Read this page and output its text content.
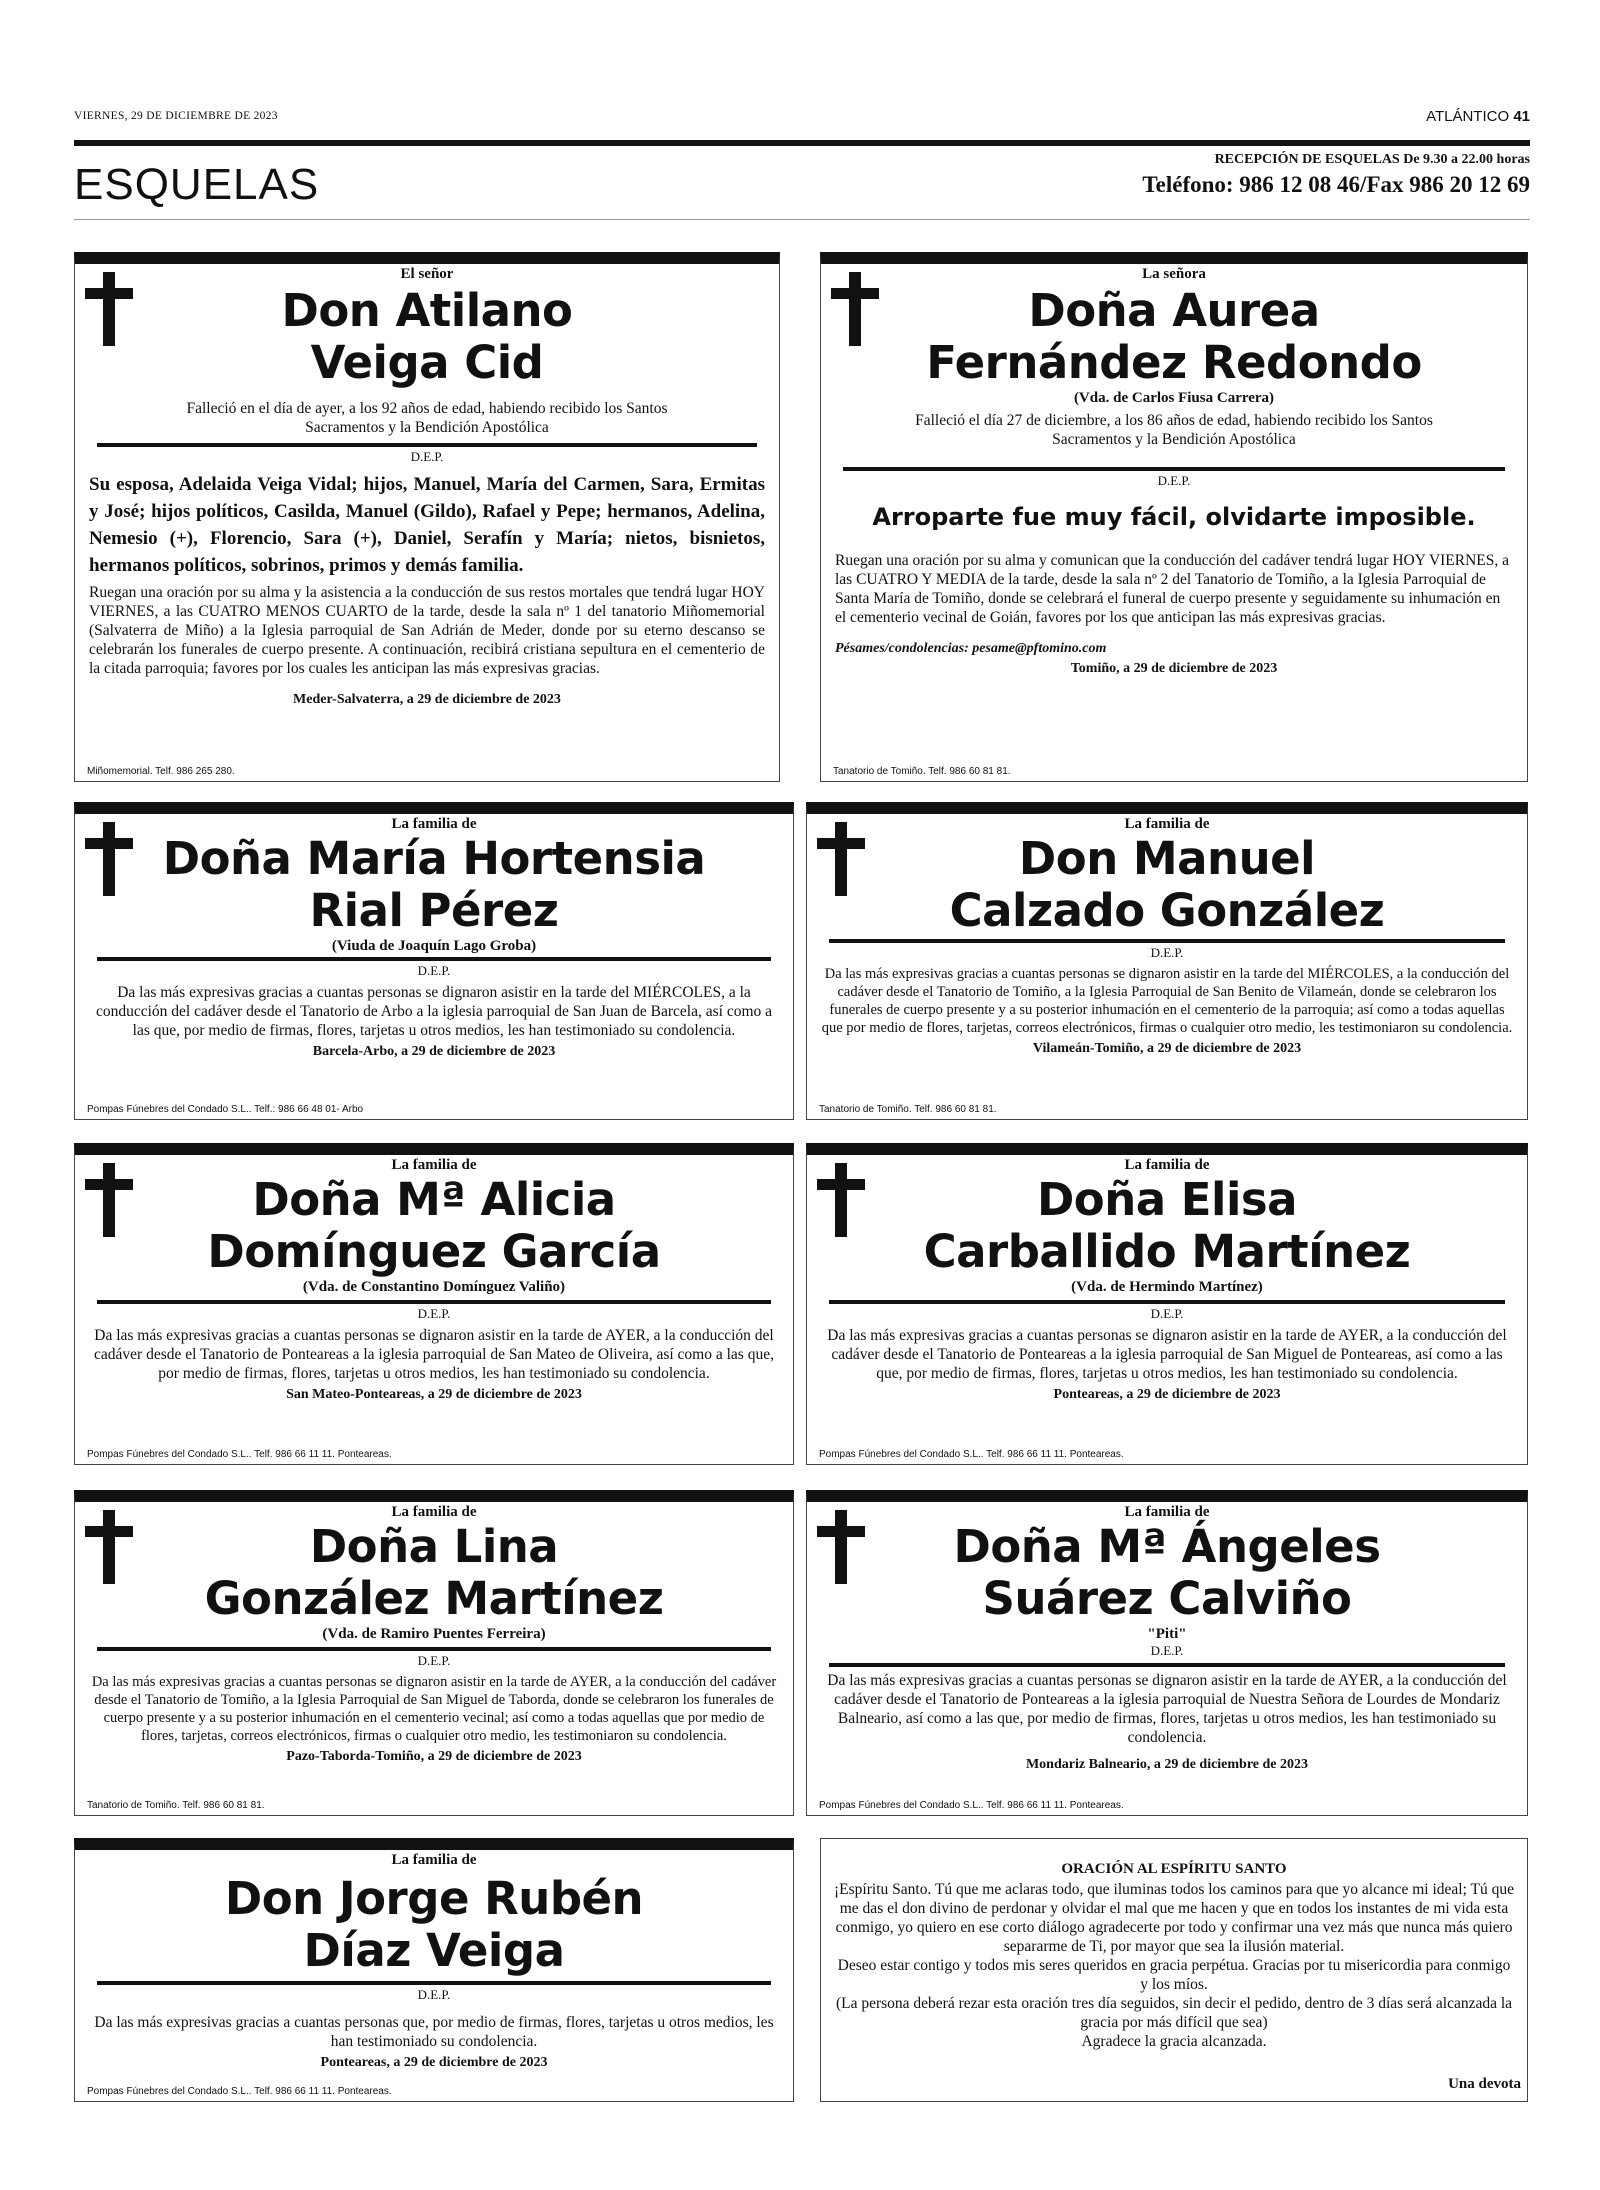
VIERNES, 29 DE DICIEMBRE DE 2023	ATLÁNTICO 41
ESQUELAS
RECEPCIÓN DE ESQUELAS De 9.30 a 22.00 horas
Teléfono: 986 12 08 46/Fax 986 20 12 69
El señor
Don Atilano
Veiga Cid
Falleció en el día de ayer, a los 92 años de edad, habiendo recibido los Santos Sacramentos y la Bendición Apostólica
D.E.P.
Su esposa, Adelaida Veiga Vidal; hijos, Manuel, María del Carmen, Sara, Ermitas y José; hijos políticos, Casilda, Manuel (Gildo), Rafael y Pepe; hermanos, Adelina, Nemesio (+), Florencio, Sara (+), Daniel, Serafín y María; nietos, bisnietos, hermanos políticos, sobrinos, primos y demás familia.
Ruegan una oración por su alma y la asistencia a la conducción de sus restos mortales que tendrá lugar HOY VIERNES, a las CUATRO MENOS CUARTO de la tarde, desde la sala nº 1 del tanatorio Miñomemorial (Salvaterra de Miño) a la Iglesia parroquial de San Adrián de Meder, donde por su eterno descanso se celebrarán los funerales de cuerpo presente. A continuación, recibirá cristiana sepultura en el cementerio de la citada parroquia; favores por los cuales les anticipan las más expresivas gracias.
Meder-Salvaterra, a 29 de diciembre de 2023
Miñomemorial. Telf. 986 265 280.
La señora
Doña Aurea
Fernández Redondo
(Vda. de Carlos Fiusa Carrera)
Falleció el día 27 de diciembre, a los 86 años de edad, habiendo recibido los Santos Sacramentos y la Bendición Apostólica
D.E.P.
Arroparte fue muy fácil, olvidarte imposible.
Ruegan una oración por su alma y comunican que la conducción del cadáver tendrá lugar HOY VIERNES, a las CUATRO Y MEDIA de la tarde, desde la sala nº 2 del Tanatorio de Tomiño, a la Iglesia Parroquial de Santa María de Tomiño, donde se celebrará el funeral de cuerpo presente y seguidamente su inhumación en el cementerio vecinal de Goián, favores por los que anticipan las más expresivas gracias.
Pésames/condolencias: pesame@pftomino.com
Tomiño, a 29 de diciembre de 2023
Tanatorio de Tomiño. Telf. 986 60 81 81.
La familia de
Doña María Hortensia
Rial Pérez
(Viuda de Joaquín Lago Groba)
D.E.P.
Da las más expresivas gracias a cuantas personas se dignaron asistir en la tarde del MIÉRCOLES, a la conducción del cadáver desde el Tanatorio de Arbo a la iglesia parroquial de San Juan de Barcela, así como a las que, por medio de firmas, flores, tarjetas u otros medios, les han testimoniado su condolencia.
Barcela-Arbo, a 29 de diciembre de 2023
Pompas Fúnebres del Condado S.L.. Telf.: 986 66 48 01- Arbo
La familia de
Don Manuel
Calzado González
D.E.P.
Da las más expresivas gracias a cuantas personas se dignaron asistir en la tarde del MIÉRCOLES, a la conducción del cadáver desde el Tanatorio de Tomiño, a la Iglesia Parroquial de San Benito de Vilameán, donde se celebraron los funerales de cuerpo presente y a su posterior inhumación en el cementerio de la parroquia; así como a todas aquellas que por medio de flores, tarjetas, correos electrónicos, firmas o cualquier otro medio, les testimoniaron su condolencia.
Vilameán-Tomiño, a 29 de diciembre de 2023
Tanatorio de Tomiño. Telf. 986 60 81 81.
La familia de
Doña Mª Alicia
Domínguez García
(Vda. de Constantino Domínguez Valiño)
D.E.P.
Da las más expresivas gracias a cuantas personas se dignaron asistir en la tarde de AYER, a la conducción del cadáver desde el Tanatorio de Ponteareas a la iglesia parroquial de San Mateo de Oliveira, así como a las que, por medio de firmas, flores, tarjetas u otros medios, les han testimoniado su condolencia.
San Mateo-Ponteareas, a 29 de diciembre de 2023
Pompas Fúnebres del Condado S.L.. Telf. 986 66 11 11. Ponteareas.
La familia de
Doña Elisa
Carballido Martínez
(Vda. de Hermindo Martínez)
D.E.P.
Da las más expresivas gracias a cuantas personas se dignaron asistir en la tarde de AYER, a la conducción del cadáver desde el Tanatorio de Ponteareas a la iglesia parroquial de San Miguel de Ponteareas, así como a las que, por medio de firmas, flores, tarjetas u otros medios, les han testimoniado su condolencia.
Ponteareas, a 29 de diciembre de 2023
Pompas Fúnebres del Condado S.L.. Telf. 986 66 11 11. Ponteareas.
La familia de
Doña Lina
González Martínez
(Vda. de Ramiro Puentes Ferreira)
D.E.P.
Da las más expresivas gracias a cuantas personas se dignaron asistir en la tarde de AYER, a la conducción del cadáver desde el Tanatorio de Tomiño, a la Iglesia Parroquial de San Miguel de Taborda, donde se celebraron los funerales de cuerpo presente y a su posterior inhumación en el cementerio vecinal; así como a todas aquellas que por medio de flores, tarjetas, correos electrónicos, firmas o cualquier otro medio, les testimoniaron su condolencia.
Pazo-Taborda-Tomiño, a 29 de diciembre de 2023
Tanatorio de Tomiño. Telf. 986 60 81 81.
La familia de
Doña Mª Ángeles
Suárez Calviño
"Piti"
D.E.P.
Da las más expresivas gracias a cuantas personas se dignaron asistir en la tarde de AYER, a la conducción del cadáver desde el Tanatorio de Ponteareas a la iglesia parroquial de Nuestra Señora de Lourdes de Mondariz Balneario, así como a las que, por medio de firmas, flores, tarjetas u otros medios, les han testimoniado su condolencia.
Mondariz Balneario, a 29 de diciembre de 2023
Pompas Fúnebres del Condado S.L.. Telf. 986 66 11 11. Ponteareas.
La familia de
Don Jorge Rubén
Díaz Veiga
D.E.P.
Da las más expresivas gracias a cuantas personas que, por medio de firmas, flores, tarjetas u otros medios, les han testimoniado su condolencia.
Ponteareas, a 29 de diciembre de 2023
Pompas Fúnebres del Condado S.L.. Telf. 986 66 11 11. Ponteareas.
ORACIÓN AL ESPÍRITU SANTO
¡Espíritu Santo. Tú que me aclaras todo, que iluminas todos los caminos para que yo alcance mi ideal; Tú que me das el don divino de perdonar y olvidar el mal que me hacen y que en todos los instantes de mi vida esta conmigo, yo quiero en ese corto diálogo agradecerte por todo y confirmar una vez más que nunca más quiero separarme de Ti, por mayor que sea la ilusión material.
Deseo estar contigo y todos mis seres queridos en gracia perpétua. Gracias por tu misericordia para conmigo y los míos.
(La persona deberá rezar esta oración tres día seguidos, sin decir el pedido, dentro de 3 días será alcanzada la gracia por más difícil que sea)
Agradece la gracia alcanzada.
Una devota
